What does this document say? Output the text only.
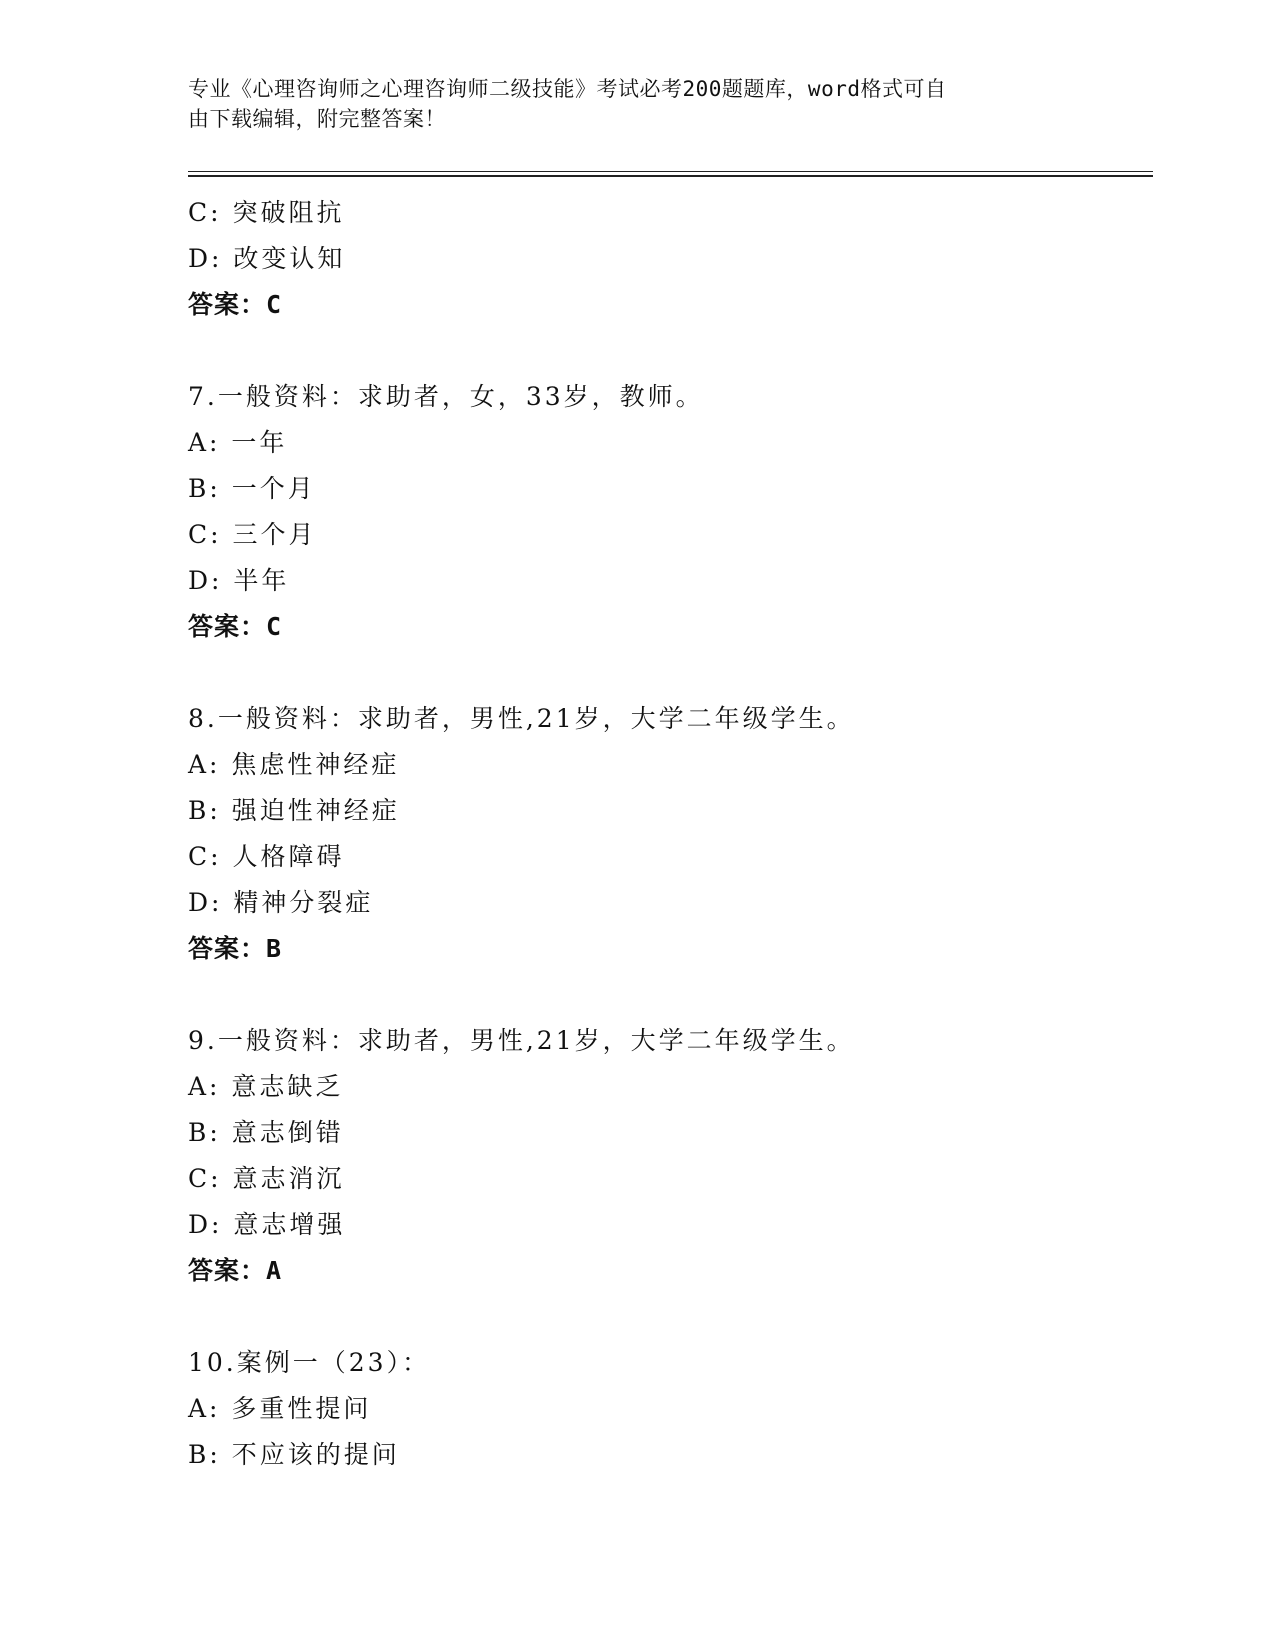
专业《心理咨询师之心理咨询师二级技能》考试必考200题题库，word格式可自
由下载编辑，附完整答案！
C: 突破阻抗
D: 改变认知
答案：C
7.一般资料：求助者，女，33岁，教师。
A: 一年
B: 一个月
C: 三个月
D: 半年
答案：C
8.一般资料：求助者，男性,21岁，大学二年级学生。
A: 焦虑性神经症
B: 强迫性神经症
C: 人格障碍
D: 精神分裂症
答案：B
9.一般资料：求助者，男性,21岁，大学二年级学生。
A: 意志缺乏
B: 意志倒错
C: 意志消沉
D: 意志增强
答案：A
10.案例一（23）：
A: 多重性提问
B: 不应该的提问
